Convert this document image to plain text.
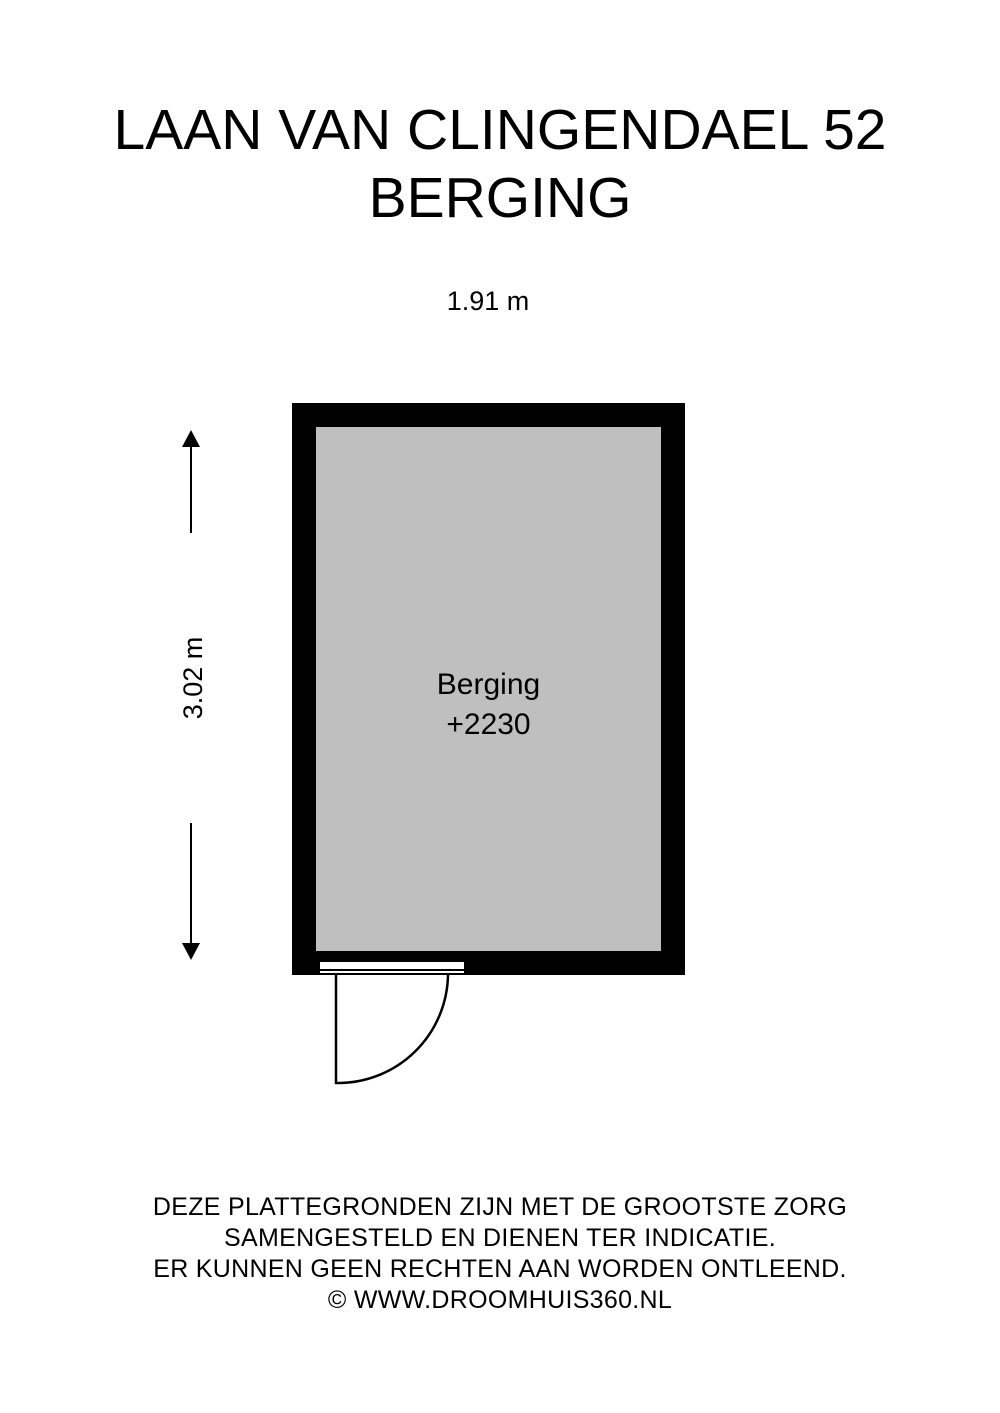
LAAN VAN CLINGENDAEL 52
BERGING
1.91 m
3.02 m	Berging
+2230
DEZE PLATTEGRONDEN ZIJN MET DE GROOTSTE ZORG
SAMENGESTELD EN DIENEN TER INDICATIE.
ER KUNNEN GEEN RECHTEN AAN WORDEN ONTLEEND.
© WWW.DROOMHUIS360.NL
